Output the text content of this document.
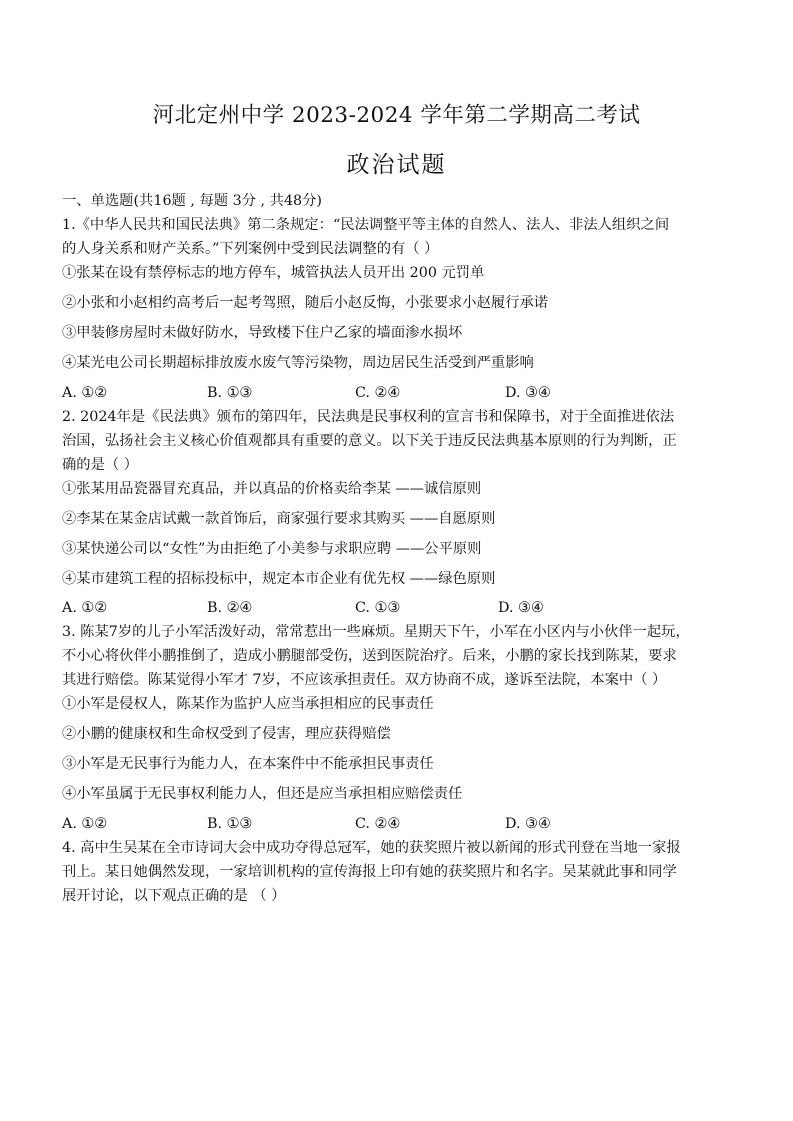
河北定州中学 2023-2024 学年第二学期高二考试
政治试题
一、单选题(共16题 , 每题 3分 , 共48分)
1.《中华人民共和国民法典》第二条规定：“民法调整平等主体的自然人、法人、非法人组织之间
的人身关系和财产关系。”下列案例中受到民法调整的有（ ）
①张某在设有禁停标志的地方停车，城管执法人员开出 200 元罚单
②小张和小赵相约高考后一起考驾照，随后小赵反悔，小张要求小赵履行承诺
③甲装修房屋时未做好防水，导致楼下住户乙家的墙面渗水损坏
④某光电公司长期超标排放废水废气等污染物，周边居民生活受到严重影响
A. ①②	B. ①③	C. ②④	D. ③④
2. 2024年是《民法典》颁布的第四年，民法典是民事权利的宣言书和保障书，对于全面推进依法
治国，弘扬社会主义核心价值观都具有重要的意义。以下关于违反民法典基本原则的行为判断，正
确的是（ ）
①张某用品瓷器冒充真品，并以真品的价格卖给李某 ——诚信原则
②李某在某金店试戴一款首饰后，商家强行要求其购买 ——自愿原则
③某快递公司以“女性”为由拒绝了小美参与求职应聘 ——公平原则
④某市建筑工程的招标投标中，规定本市企业有优先权 ——绿色原则
A. ①②	B. ②④	C. ①③	D. ③④
3. 陈某7岁的儿子小军活泼好动，常常惹出一些麻烦。星期天下午，小军在小区内与小伙伴一起玩，
不小心将伙伴小鹏推倒了，造成小鹏腿部受伤，送到医院治疗。后来，小鹏的家长找到陈某，要求
其进行赔偿。陈某觉得小军才 7岁，不应该承担责任。双方协商不成，遂诉至法院，本案中（ ）
①小军是侵权人，陈某作为监护人应当承担相应的民事责任
②小鹏的健康权和生命权受到了侵害，理应获得赔偿
③小军是无民事行为能力人，在本案件中不能承担民事责任
④小军虽属于无民事权利能力人，但还是应当承担相应赔偿责任
A. ①②	B. ①③	C. ②④	D. ③④
4. 高中生吴某在全市诗词大会中成功夺得总冠军，她的获奖照片被以新闻的形式刊登在当地一家报
刊上。某日她偶然发现，一家培训机构的宣传海报上印有她的获奖照片和名字。吴某就此事和同学
展开讨论，以下观点正确的是 （ ）
